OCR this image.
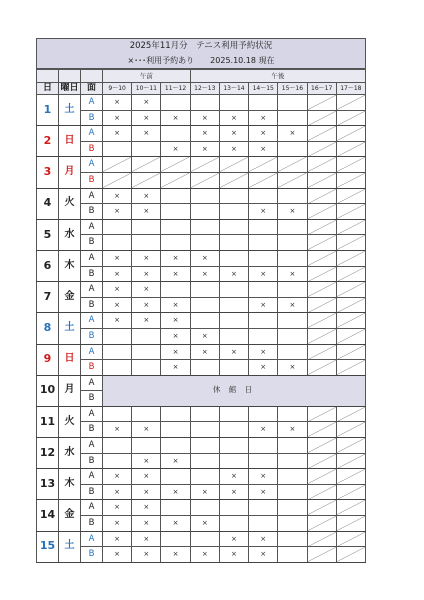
2025年11月分　テニス利用予約状況
×･･･利用予約あり　　2025.10.18 現在
			午前			午後					
日	曜日	面	9～10	10～11	11～12	12～13	13～14	14～15	15～16	16～17	17～18
1	土	A	×	×						

		B	×	×	×	×	×	×		

2	日	A	×	×		×	×	×	×	

		B			×	×	×	×		

3	月	A	

		B	

4	火	A	×	×						

		B	×	×				×	×	

5	水	A								

		B								

6	木	A	×	×	×	×				

		B	×	×	×	×	×	×	×	

7	金	A	×	×						

		B	×	×	×			×	×	

8	土	A	×	×	×					

		B			×	×				

9	日	A			×	×	×	×		

		B			×			×	×	

10	月	A	休 館 日								
		B									
11	火	A								

		B	×	×				×	×	

12	水	A								

		B		×	×					

13	木	A	×	×			×	×		

		B	×	×	×	×	×	×		

14	金	A	×	×						

		B	×	×	×	×				

15	土	A	×	×			×	×		

		B	×	×	×	×	×	×		
